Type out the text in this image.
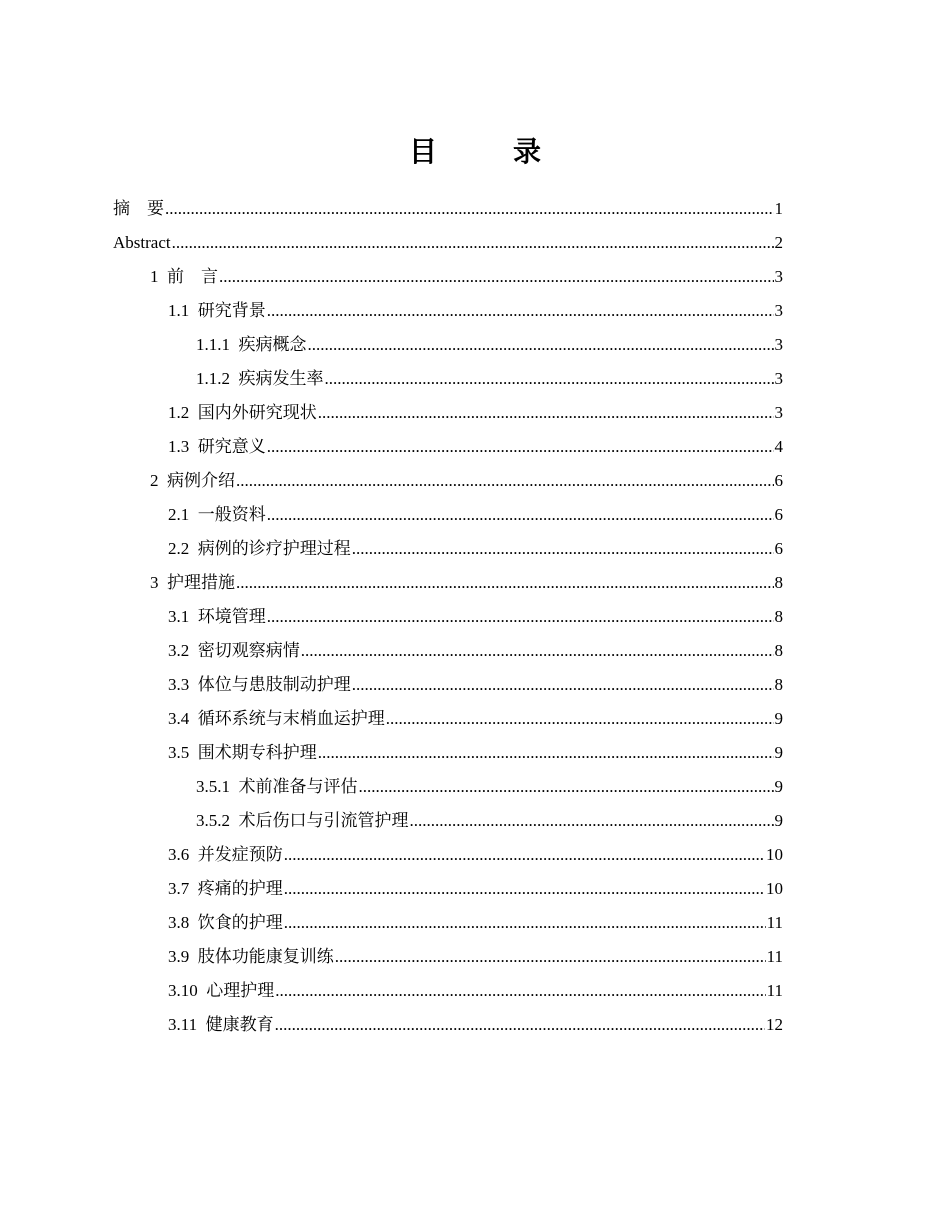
目　录
摘　要 .....	1
Abstract .....	2
1  前　言 .....	3
1.1  研究背景 .....	3
1.1.1  疾病概念 .....	3
1.1.2  疾病发生率 .....	3
1.2  国内外研究现状 .....	3
1.3  研究意义 .....	4
2  病例介绍 .....	6
2.1  一般资料 .....	6
2.2  病例的诊疗护理过程 .....	6
3  护理措施 .....	8
3.1  环境管理 .....	8
3.2  密切观察病情 .....	8
3.3  体位与患肢制动护理 .....	8
3.4  循环系统与末梢血运护理 .....	9
3.5  围术期专科护理 .....	9
3.5.1  术前准备与评估 .....	9
3.5.2  术后伤口与引流管护理 .....	9
3.6  并发症预防 .....	10
3.7  疼痛的护理 .....	10
3.8  饮食的护理 .....	11
3.9  肢体功能康复训练 .....	11
3.10  心理护理 .....	11
3.11  健康教育 .....	12
